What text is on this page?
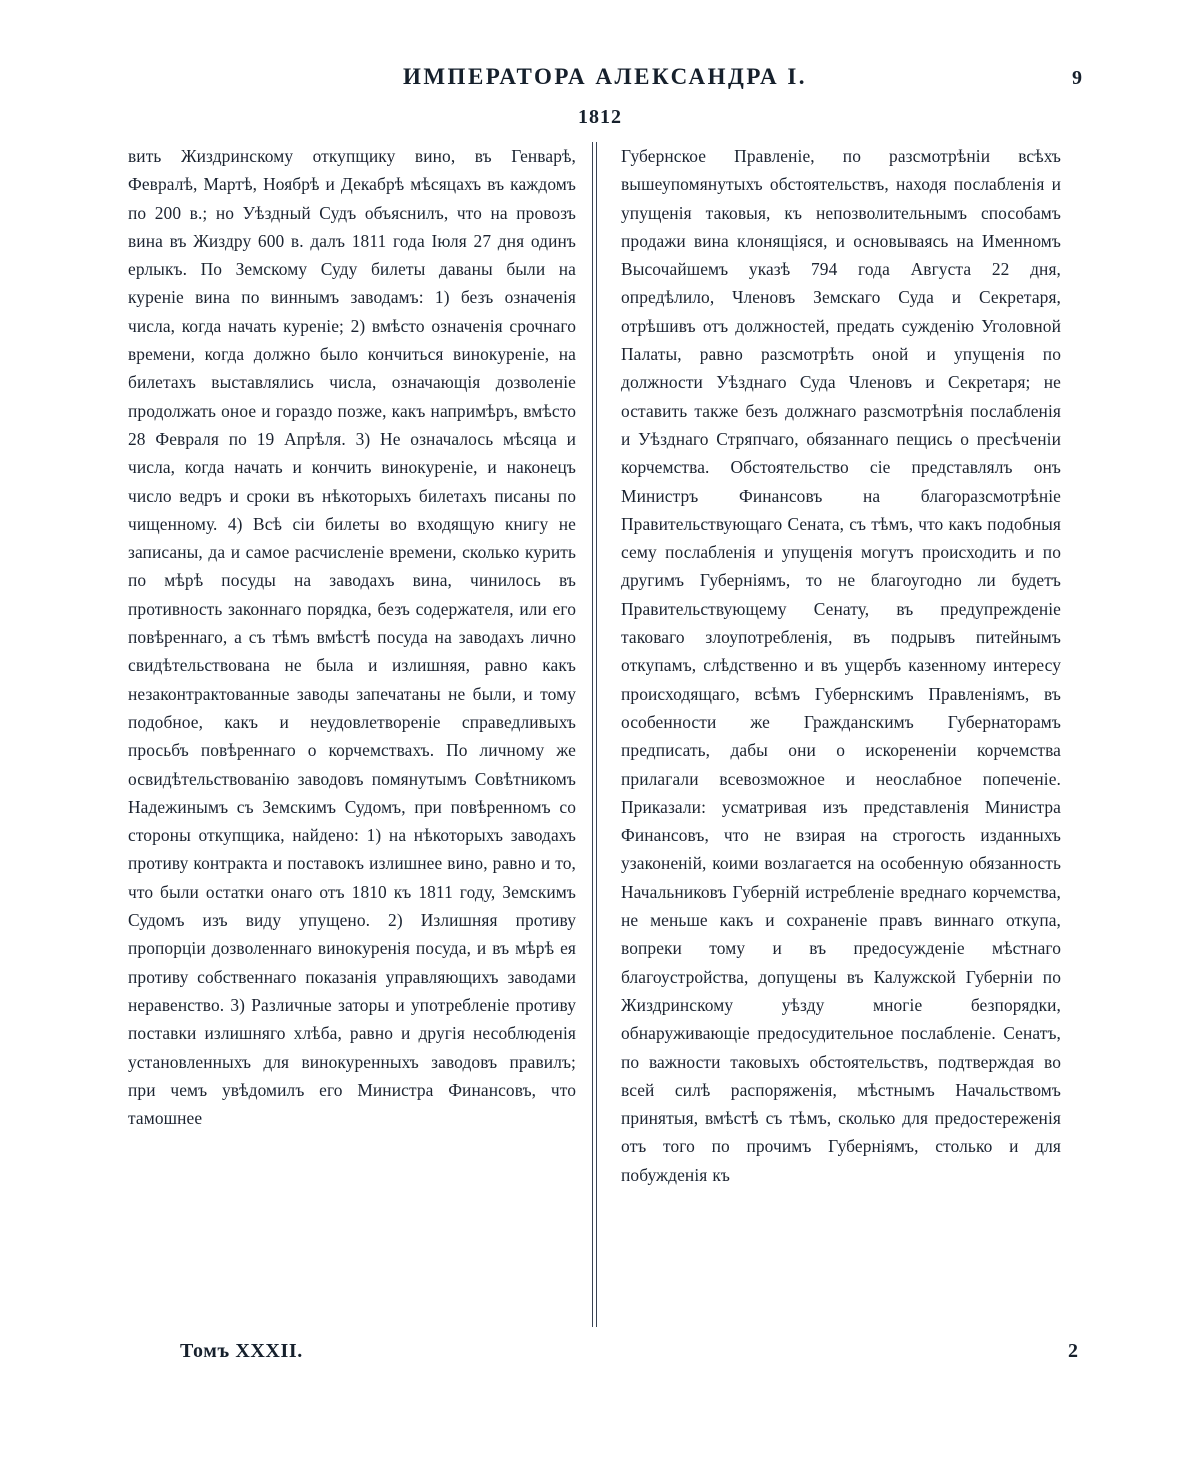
ИМПЕРАТОРА АЛЕКСАНДРА I.	9
1812

вить Жиздринскому откупщику вино, въ Генварѣ, Февралѣ, Мартѣ, Ноябрѣ и Декабрѣ мѣсяцахъ въ каждомъ по 200 в.; но Уѣздный Судъ объяснилъ, что на провозъ вина въ Жиздру 600 в. далъ 1811 года Іюля 27 дня одинъ ерлыкъ. По Земскому Суду билеты даваны были на куреніе вина по виннымъ заводамъ: 1) безъ означенія числа, когда начать куреніе; 2) вмѣсто означенія срочнаго времени, когда должно было кончиться винокуреніе, на билетахъ выставлялись числа, означающія дозволеніе продолжать оное и гораздо позже, какъ напримѣръ, вмѣсто 28 Февраля по 19 Апрѣля. 3) Не означалось мѣсяца и числа, когда начать и кончить винокуреніе, и наконецъ число ведръ и сроки въ нѣкоторыхъ билетахъ писаны по чищенному. 4) Всѣ сіи билеты во входящую книгу не записаны, да и самое расчисленіе времени, сколько курить по мѣрѣ посуды на заводахъ вина, чинилось въ противность законнаго порядка, безъ содержателя, или его повѣреннаго, а съ тѣмъ вмѣстѣ посуда на заводахъ лично свидѣтельствована не была и излишняя, равно какъ незаконтрактованные заводы запечатаны не были, и тому подобное, какъ и неудовлетвореніе справедливыхъ просьбъ повѣреннаго о корчемствахъ. По личному же освидѣтельствованію заводовъ помянутымъ Совѣтникомъ Надежинымъ съ Земскимъ Судомъ, при повѣренномъ со стороны откупщика, найдено: 1) на нѣкоторыхъ заводахъ противу контракта и поставокъ излишнее вино, равно и то, что были остатки онаго отъ 1810 къ 1811 году, Земскимъ Судомъ изъ виду упущено. 2) Излишняя противу пропорціи дозволеннаго винокуренія посуда, и въ мѣрѣ ея противу собственнаго показанія управляющихъ заводами неравенство. 3) Различные заторы и употребленіе противу поставки излишняго хлѣба, равно и другія несоблюденія установленныхъ для винокуренныхъ заводовъ правилъ; при чемъ увѣдомилъ его Министра Финансовъ, что тамошнее

Губернское Правленіе, по разсмотрѣніи всѣхъ вышеупомянутыхъ обстоятельствъ, находя послабленія и упущенія таковыя, къ непозволительнымъ способамъ продажи вина клонящіяся, и основываясь на Именномъ Высочайшемъ указѣ 794 года Августа 22 дня, опредѣлило, Членовъ Земскаго Суда и Секретаря, отрѣшивъ отъ должностей, предать сужденію Уголовной Палаты, равно разсмотрѣть оной и упущенія по должности Уѣзднаго Суда Членовъ и Секретаря; не оставить также безъ должнаго разсмотрѣнія послабленія и Уѣзднаго Стряпчаго, обязаннаго пещись о пресѣченіи корчемства. Обстоятельство сіе представлялъ онъ Министръ Финансовъ на благоразсмотрѣніе Правительствующаго Сената, съ тѣмъ, что какъ подобныя сему послабленія и упущенія могутъ происходить и по другимъ Губерніямъ, то не благоугодно ли будетъ Правительствующему Сенату, въ предупрежденіе таковаго злоупотребленія, въ подрывъ питейнымъ откупамъ, слѣдственно и въ ущербъ казенному интересу происходящаго, всѣмъ Губернскимъ Правленіямъ, въ особенности же Гражданскимъ Губернаторамъ предписать, дабы они о искорененіи корчемства прилагали всевозможное и неослабное попеченіе. Приказали: усматривая изъ представленія Министра Финансовъ, что не взирая на строгость изданныхъ узаконеній, коими возлагается на особенную обязанность Начальниковъ Губерній истребленіе вреднаго корчемства, не меньше какъ и сохраненіе правъ виннаго откупа, вопреки тому и въ предосужденіе мѣстнаго благоустройства, допущены въ Калужской Губерніи по Жиздринскому уѣзду многіе безпорядки, обнаруживающіе предосудительное послабленіе. Сенатъ, по важности таковыхъ обстоятельствъ, подтверждая во всей силѣ распоряженія, мѣстнымъ Начальствомъ принятыя, вмѣстѣ съ тѣмъ, сколько для предостереженія отъ того по прочимъ Губерніямъ, столько и для побужденія къ

Томъ XXXII.	2
